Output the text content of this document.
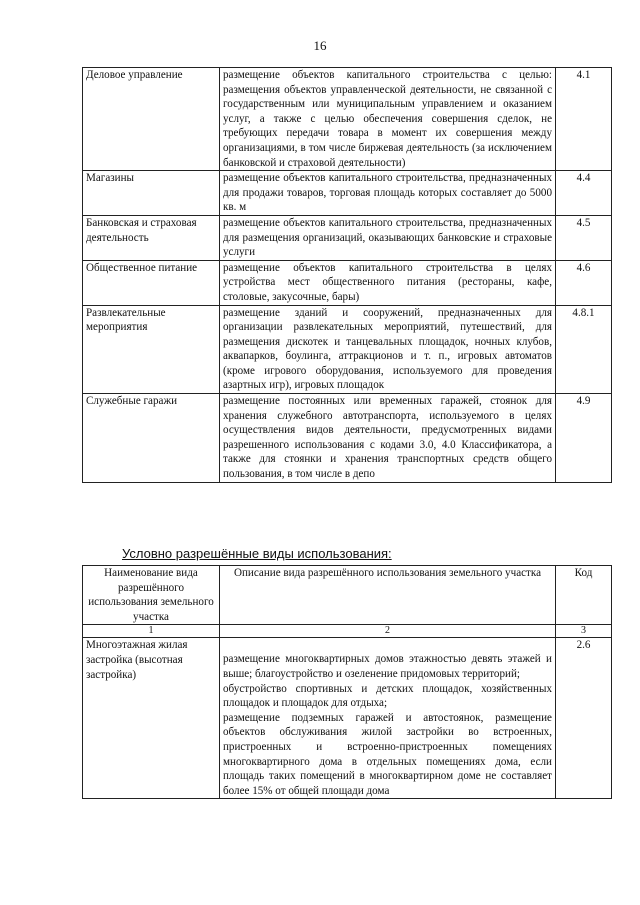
16
Деловое управление	размещение объектов капитального строительства с целью: размещения объектов управленческой деятельности, не связанной с государственным или муниципальным управлением и оказанием услуг, а также с целью обеспечения совершения сделок, не требующих передачи товара в момент их совершения между организациями, в том числе биржевая деятельность (за исключением банковской и страховой деятельности)	4.1
Магазины	размещение объектов капитального строительства, предназначенных для продажи товаров, торговая площадь которых составляет до 5000 кв. м	4.4
Банковская и страховая деятельность	размещение объектов капитального строительства, предназначенных для размещения организаций, оказывающих банковские и страховые услуги	4.5
Общественное питание	размещение объектов капитального строительства в целях устройства мест общественного питания (рестораны, кафе, столовые, закусочные, бары)	4.6
Развлекательные мероприятия	размещение зданий и сооружений, предназначенных для организации развлекательных мероприятий, путешествий, для размещения дискотек и танцевальных площадок, ночных клубов, аквапарков, боулинга, аттракционов и т. п., игровых автоматов (кроме игрового оборудования, используемого для проведения азартных игр), игровых площадок	4.8.1
Служебные гаражи	размещение постоянных или временных гаражей, стоянок для хранения служебного автотранспорта, используемого в целях осуществления видов деятельности, предусмотренных видами разрешенного использования с кодами 3.0, 4.0 Классификатора, а также для стоянки и хранения транспортных средств общего пользования, в том числе в депо	4.9
Условно разрешённые виды использования:
Наименование вида разрешённого использования земельного участка	Описание вида разрешённого использования земельного участка	Код
1	2	3
Многоэтажная жилая застройка (высотная застройка)	размещение многоквартирных домов этажностью девять этажей и выше; благоустройство и озеленение придомовых территорий;
обустройство спортивных и детских площадок, хозяйственных площадок и площадок для отдыха;
размещение подземных гаражей и автостоянок, размещение объектов обслуживания жилой застройки во встроенных, пристроенных и встроенно-пристроенных помещениях многоквартирного дома в отдельных помещениях дома, если площадь таких помещений в многоквартирном доме не составляет более 15% от общей площади дома	2.6
